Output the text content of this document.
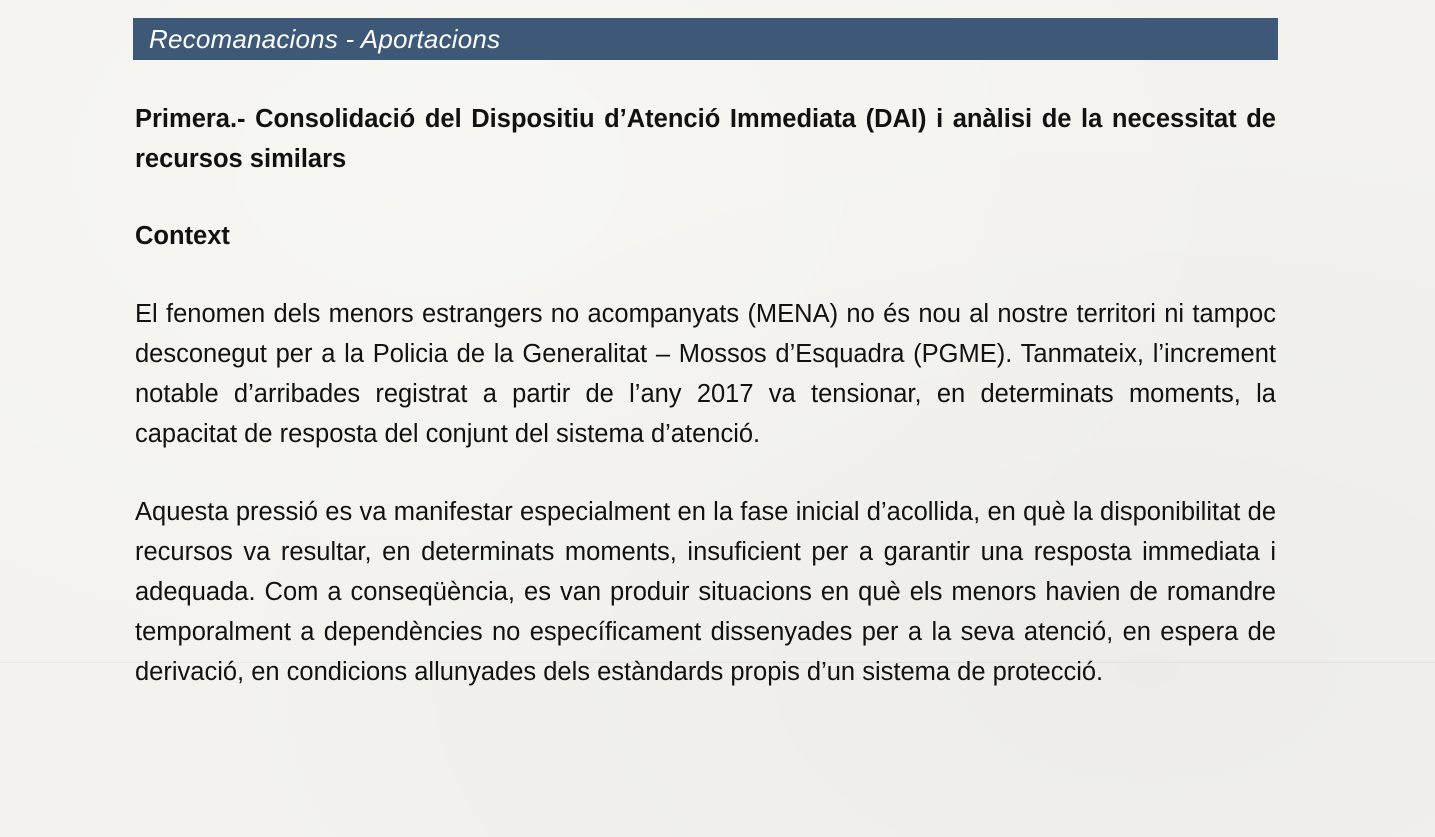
Recomanacions - Aportacions

Primera.- Consolidació del Dispositiu d’Atenció Immediata (DAI) i anàlisi de la necessitat de recursos similars

Context

El fenomen dels menors estrangers no acompanyats (MENA) no és nou al nostre territori ni tampoc desconegut per a la Policia de la Generalitat – Mossos d’Esquadra (PGME). Tanmateix, l’increment notable d’arribades registrat a partir de l’any 2017 va tensionar, en determinats moments, la capacitat de resposta del conjunt del sistema d’atenció.

Aquesta pressió es va manifestar especialment en la fase inicial d’acollida, en què la disponibilitat de recursos va resultar, en determinats moments, insuficient per a garantir una resposta immediata i adequada. Com a conseqüència, es van produir situacions en què els menors havien de romandre temporalment a dependències no específicament dissenyades per a la seva atenció, en espera de derivació, en condicions allunyades dels estàndards propis d’un sistema de protecció.
